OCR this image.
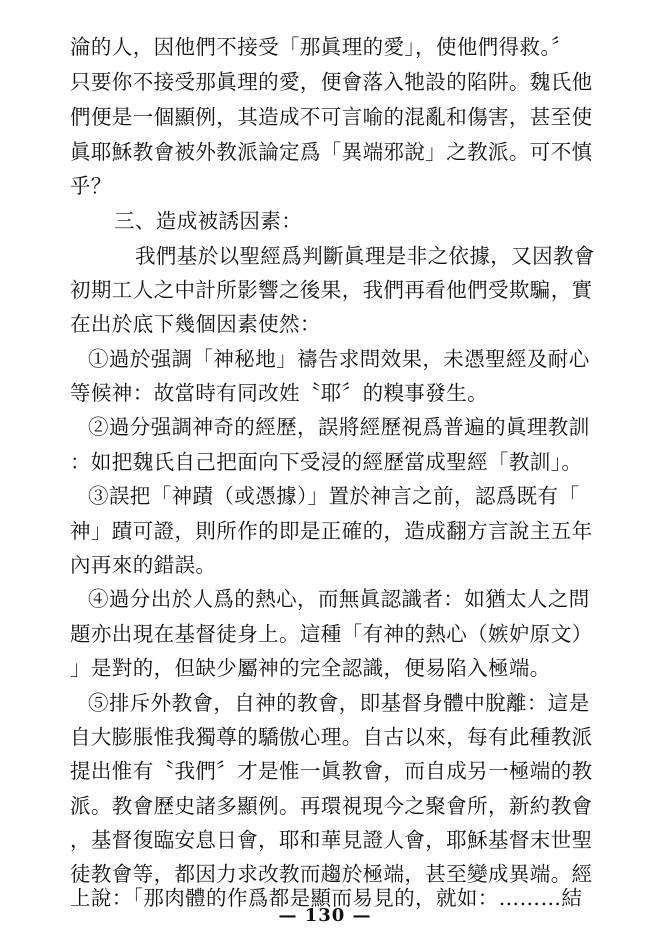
淪的人，因他們不接受「那眞理的愛」，使他們得救。〞
只要你不接受那眞理的愛，便會落入牠設的陷阱。魏氏他
們便是一個顯例，其造成不可言喻的混亂和傷害，甚至使
眞耶穌教會被外教派論定爲「異端邪說」之教派。可不慎
乎？
三、造成被誘因素：
我們基於以聖經爲判斷眞理是非之依據，又因教會
初期工人之中計所影響之後果，我們再看他們受欺騙，實
在出於底下幾個因素使然：
①過於强調「神秘地」禱告求問效果，未憑聖經及耐心
等候神：故當時有同改姓〝耶〞的糗事發生。
②過分强調神奇的經歷，誤將經歷視爲普遍的眞理教訓
：如把魏氏自己把面向下受浸的經歷當成聖經「教訓」。
③誤把「神蹟（或憑據）」置於神言之前，認爲既有「
神」蹟可證，則所作的即是正確的，造成翻方言說主五年
內再來的錯誤。
④過分出於人爲的熱心，而無眞認識者：如猶太人之問
題亦出現在基督徒身上。這種「有神的熱心（嫉妒原文）
」是對的，但缺少屬神的完全認識，便易陷入極端。
⑤排斥外教會，自神的教會，即基督身體中脫離：這是
自大膨脹惟我獨尊的驕傲心理。自古以來，每有此種教派
提出惟有〝我們〞才是惟一眞教會，而自成另一極端的教
派。教會歷史諸多顯例。再環視現今之聚會所，新約教會
，基督復臨安息日會，耶和華見證人會，耶穌基督末世聖
徒教會等，都因力求改教而趨於極端，甚至變成異端。經
上說：「那肉體的作爲都是顯而易見的，就如：………結
— 130 —
